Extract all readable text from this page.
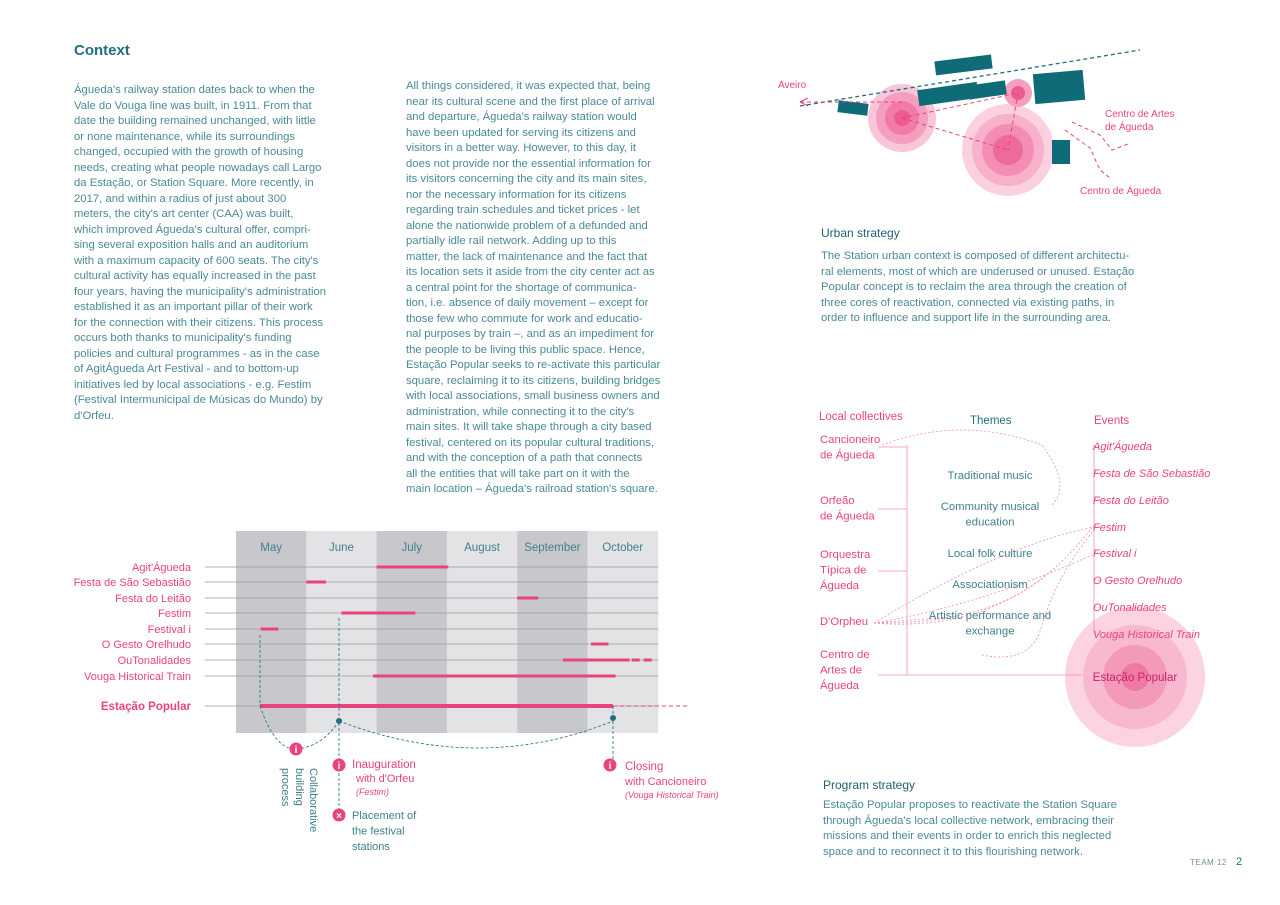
Context
Águeda's railway station dates back to when the
Vale do Vouga line was built, in 1911. From that
date the building remained unchanged, with little
or none maintenance, while its surroundings
changed, occupied with the growth of housing
needs, creating what people nowadays call Largo
da Estação, or Station Square. More recently, in
2017, and within a radius of just about 300
meters, the city's art center (CAA) was built,
which improved Águeda's cultural offer, compri-
sing several exposition halls and an auditorium
with a maximum capacity of 600 seats. The city's
cultural activity has equally increased in the past
four years, having the municipality's administration
established it as an important pillar of their work
for the connection with their citizens. This process
occurs both thanks to municipality's funding
policies and cultural programmes - as in the case
of AgitÁgueda Art Festival - and to bottom-up
initiatives led by local associations - e.g. Festim
(Festival Intermunicipal de Músicas do Mundo) by
d'Orfeu.
All things considered, it was expected that, being
near its cultural scene and the first place of arrival
and departure, Águeda's railway station would
have been updated for serving its citizens and
visitors in a better way. However, to this day, it
does not provide nor the essential information for
its visitors concerning the city and its main sites,
nor the necessary information for its citizens
regarding train schedules and ticket prices - let
alone the nationwide problem of a defunded and
partially idle rail network. Adding up to this
matter, the lack of maintenance and the fact that
its location sets it aside from the city center act as
a central point for the shortage of communica-
tion, i.e. absence of daily movement – except for
those few who commute for work and educatio-
nal purposes by train –, and as an impediment for
the people to be living this public space. Hence,
Estação Popular seeks to re-activate this particular
square, reclaiming it to its citizens, building bridges
with local associations, small business owners and
administration, while connecting it to the city's
main sites. It will take shape through a city based
festival, centered on its popular cultural traditions,
and with the conception of a path that connects
all the entities that will take part on it with the
main location – Águeda's railroad station's square.
Aveiro
Centro de Artes
de Águeda
Centro de Águeda
Urban strategy
The Station urban context is composed of different architectu-
ral elements, most of which are underused or unused. Estação
Popular concept is to reclaim the area through the creation of
three cores of reactivation, connected via existing paths, in
order to influence and support life in the surrounding area.
May	June	July	August September October
Agit'Águeda
Festa de São Sebastião
Festa do Leitão
Festim
Festival i
O Gesto Orelhudo
OuTonalidades
Vouga Historical Train
Estação Popular
i
i	i
×
Collaborative
building
process
Inauguration
with d'Orfeu
(Festim)
Placement of
the festival
stations
Closing
with Cancioneiro
(Vouga Historical Train)
Local collectives	Themes	Events
Cancioneiro
de Águeda
Orfeão
de Águeda
Orquestra
Típica de
Águeda
D'Orpheu
Centro de
Artes de
Águeda
Traditional music
Community musical
education
Local folk culture
Associationism
Artistic performance and
exchange
Agit'Águeda
Festa de São Sebastião
Festa do Leitão
Festim
Festival i
O Gesto Orelhudo
OuTonalidades
Vouga Historical Train
Estação Popular
Program strategy
Estação Popular proposes to reactivate the Station Square
through Águeda's local collective network, embracing their
missions and their events in order to enrich this neglected
space and to reconnect it to this flourishing network.
TEAM 12 2
